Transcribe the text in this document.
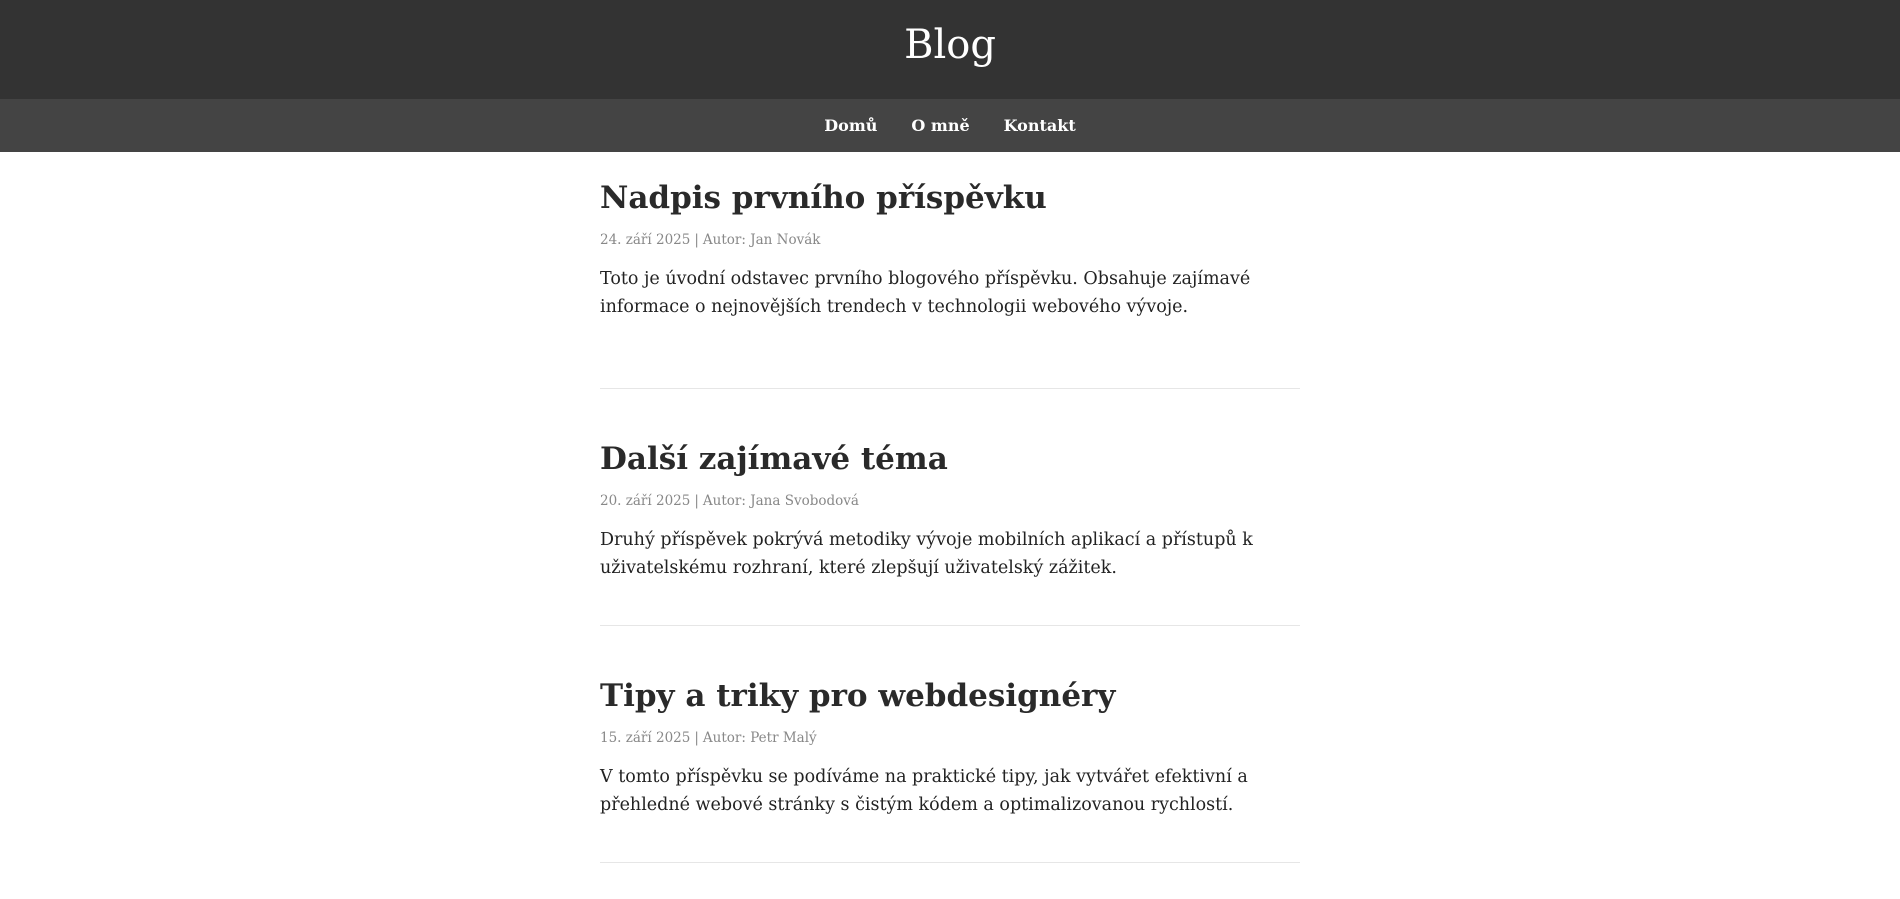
Blog
Domů O mně Kontakt
Nadpis prvního příspěvku
24. září 2025 | Autor: Jan Novák

Toto je úvodní odstavec prvního blogového příspěvku. Obsahuje zajímavé informace o nejnovějších trendech v technologii webového vývoje.

Další zajímavé téma
20. září 2025 | Autor: Jana Svobodová

Druhý příspěvek pokrývá metodiky vývoje mobilních aplikací a přístupů k uživatelskému rozhraní, které zlepšují uživatelský zážitek.

Tipy a triky pro webdesignéry
15. září 2025 | Autor: Petr Malý

V tomto příspěvku se podíváme na praktické tipy, jak vytvářet efektivní a přehledné webové stránky s čistým kódem a optimalizovanou rychlostí.
